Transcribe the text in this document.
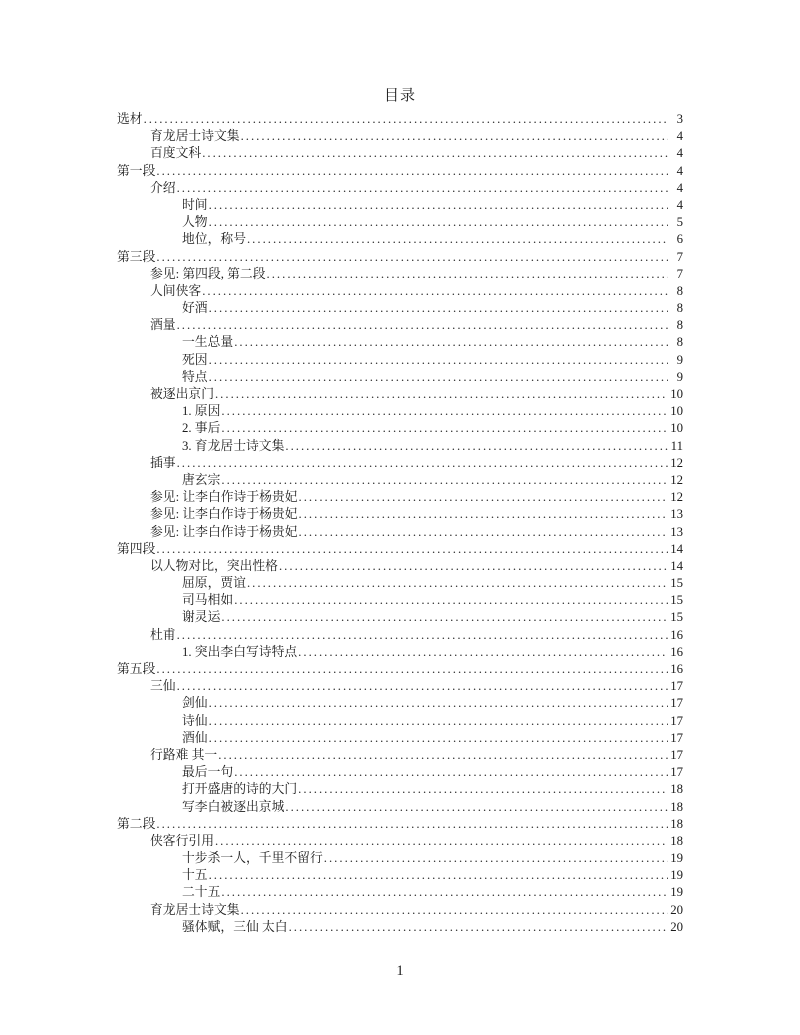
目录
选材 .....	3
育龙居士诗文集 .....	4
百度文科 .....	4
第一段 .....	4
介绍 .....	4
时间 .....	4
人物 .....	5
地位，称号 .....	6
第三段 .....	7
参见: 第四段, 第二段 .....	7
人间侠客 .....	8
好酒 .....	8
酒量 .....	8
一生总量 .....	8
死因 .....	9
特点 .....	9
被逐出京门 .....	10
1. 原因 .....	10
2. 事后 .....	10
3. 育龙居士诗文集 .....	11
插事 .....	12
唐玄宗 .....	12
参见: 让李白作诗于杨贵妃 .....	12
参见: 让李白作诗于杨贵妃 .....	13
参见: 让李白作诗于杨贵妃 .....	13
第四段 .....	14
以人物对比，突出性格 .....	14
屈原，贾谊 .....	15
司马相如 .....	15
谢灵运 .....	15
杜甫 .....	16
1. 突出李白写诗特点 .....	16
第五段 .....	16
三仙 .....	17
剑仙 .....	17
诗仙 .....	17
酒仙 .....	17
行路难 其一 .....	17
最后一句 .....	17
打开盛唐的诗的大门 .....	18
写李白被逐出京城 .....	18
第二段 .....	18
侠客行引用 .....	18
十步杀一人，千里不留行 .....	19
十五 .....	19
二十五 .....	19
育龙居士诗文集 .....	20
骚体赋，三仙 太白 .....	20
1
